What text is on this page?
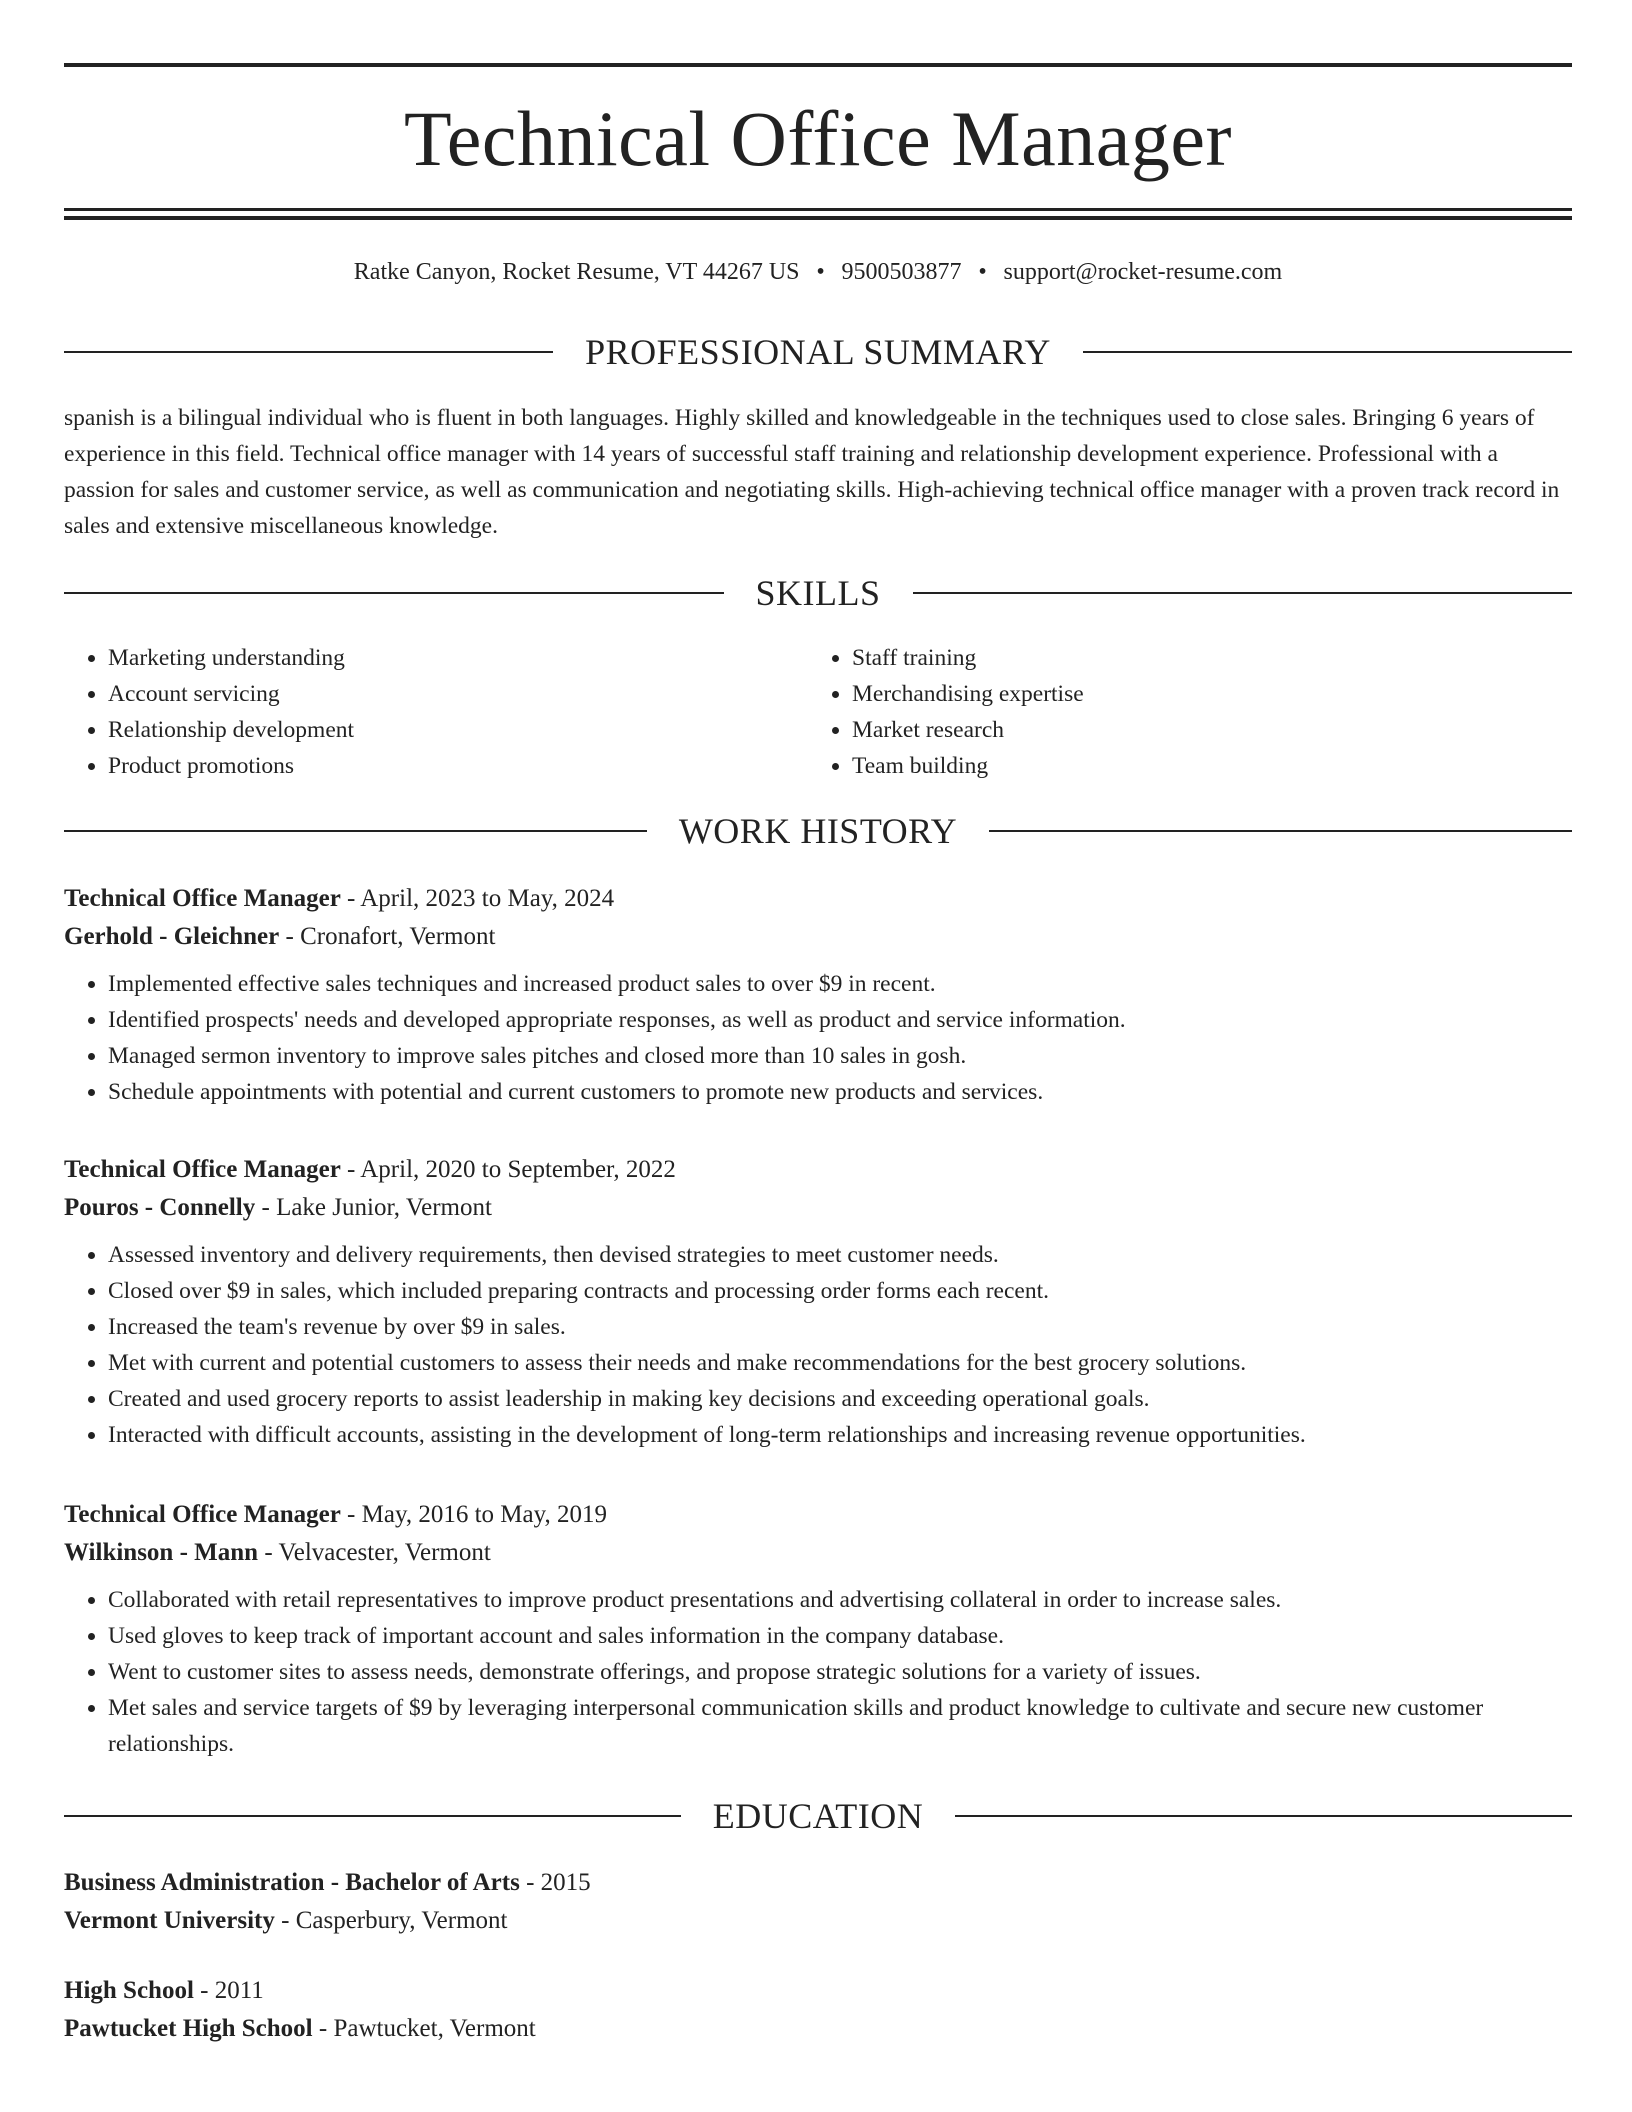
Technical Office Manager
Ratke Canyon, Rocket Resume, VT 44267 US • 9500503877 • support@rocket-resume.com
PROFESSIONAL SUMMARY
spanish is a bilingual individual who is fluent in both languages. Highly skilled and knowledgeable in the techniques used to close sales. Bringing 6 years of experience in this field. Technical office manager with 14 years of successful staff training and relationship development experience. Professional with a passion for sales and customer service, as well as communication and negotiating skills. High-achieving technical office manager with a proven track record in sales and extensive miscellaneous knowledge.
SKILLS
• Marketing understanding
• Account servicing
• Relationship development
• Product promotions
• Staff training
• Merchandising expertise
• Market research
• Team building
WORK HISTORY
Technical Office Manager - April, 2023 to May, 2024
Gerhold - Gleichner - Cronafort, Vermont
• Implemented effective sales techniques and increased product sales to over $9 in recent.
• Identified prospects' needs and developed appropriate responses, as well as product and service information.
• Managed sermon inventory to improve sales pitches and closed more than 10 sales in gosh.
• Schedule appointments with potential and current customers to promote new products and services.
Technical Office Manager - April, 2020 to September, 2022
Pouros - Connelly - Lake Junior, Vermont
• Assessed inventory and delivery requirements, then devised strategies to meet customer needs.
• Closed over $9 in sales, which included preparing contracts and processing order forms each recent.
• Increased the team's revenue by over $9 in sales.
• Met with current and potential customers to assess their needs and make recommendations for the best grocery solutions.
• Created and used grocery reports to assist leadership in making key decisions and exceeding operational goals.
• Interacted with difficult accounts, assisting in the development of long-term relationships and increasing revenue opportunities.
Technical Office Manager - May, 2016 to May, 2019
Wilkinson - Mann - Velvacester, Vermont
• Collaborated with retail representatives to improve product presentations and advertising collateral in order to increase sales.
• Used gloves to keep track of important account and sales information in the company database.
• Went to customer sites to assess needs, demonstrate offerings, and propose strategic solutions for a variety of issues.
• Met sales and service targets of $9 by leveraging interpersonal communication skills and product knowledge to cultivate and secure new customer relationships.
EDUCATION
Business Administration - Bachelor of Arts - 2015
Vermont University - Casperbury, Vermont
High School - 2011
Pawtucket High School - Pawtucket, Vermont
